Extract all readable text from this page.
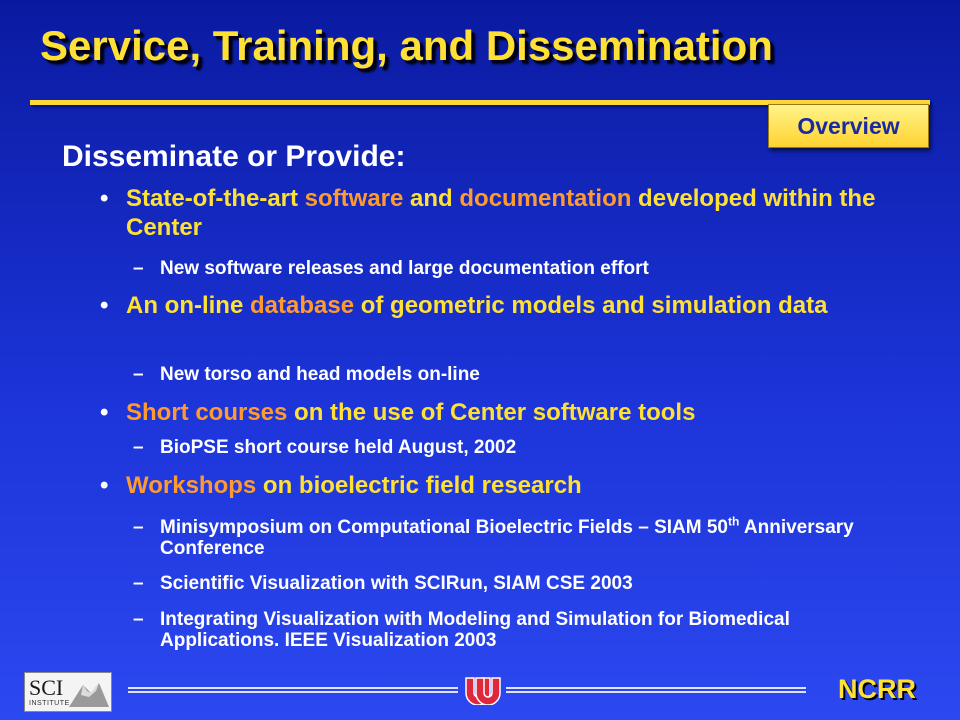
Service, Training, and Dissemination
Overview
Disseminate or Provide:
• State-of-the-art software and documentation developed within the Center
– New software releases and large documentation effort
• An on-line database of geometric models and simulation data
– New torso and head models on-line
• Short courses on the use of Center software tools
– BioPSE short course held August, 2002
• Workshops on bioelectric field research
– Minisymposium on Computational Bioelectric Fields – SIAM 50th Anniversary Conference
– Scientific Visualization with SCIRun, SIAM CSE 2003
– Integrating Visualization with Modeling and Simulation for Biomedical Applications. IEEE Visualization 2003
SCI
INSTITUTE	NCRR
